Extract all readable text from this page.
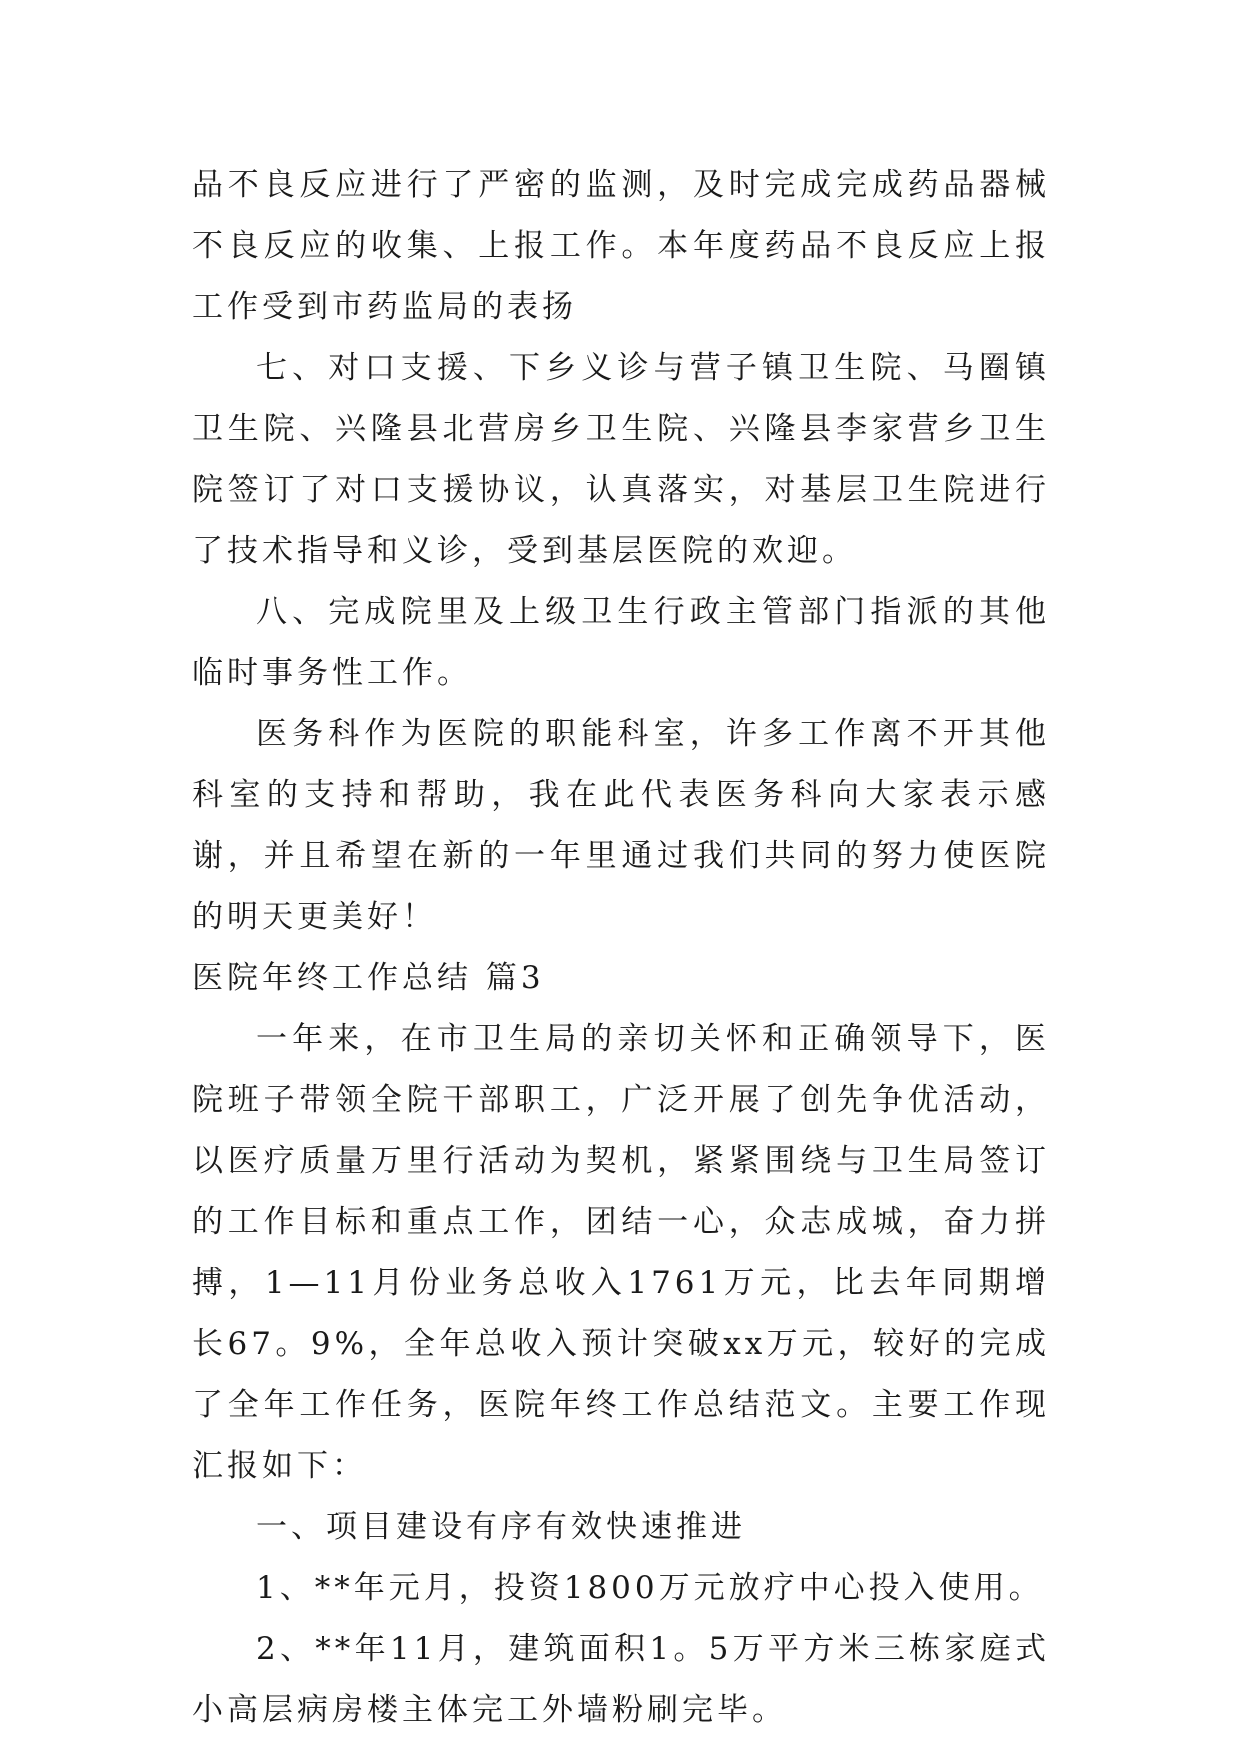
品不良反应进行了严密的监测，及时完成完成药品器械不良反应的收集、上报工作。本年度药品不良反应上报工作受到市药监局的表扬

七、对口支援、下乡义诊与营子镇卫生院、马圈镇卫生院、兴隆县北营房乡卫生院、兴隆县李家营乡卫生院签订了对口支援协议，认真落实，对基层卫生院进行了技术指导和义诊，受到基层医院的欢迎。

八、完成院里及上级卫生行政主管部门指派的其他临时事务性工作。

医务科作为医院的职能科室，许多工作离不开其他科室的支持和帮助，我在此代表医务科向大家表示感谢，并且希望在新的一年里通过我们共同的努力使医院的明天更美好！

医院年终工作总结 篇3

一年来，在市卫生局的亲切关怀和正确领导下，医院班子带领全院干部职工，广泛开展了创先争优活动，以医疗质量万里行活动为契机，紧紧围绕与卫生局签订的工作目标和重点工作，团结一心，众志成城，奋力拼搏，1—11月份业务总收入1761万元，比去年同期增长67。9%，全年总收入预计突破xx万元，较好的完成了全年工作任务，医院年终工作总结范文。主要工作现汇报如下：

一、项目建设有序有效快速推进

1、**年元月，投资1800万元放疗中心投入使用。

2、**年11月，建筑面积1。5万平方米三栋家庭式小高层病房楼主体完工外墙粉刷完毕。
